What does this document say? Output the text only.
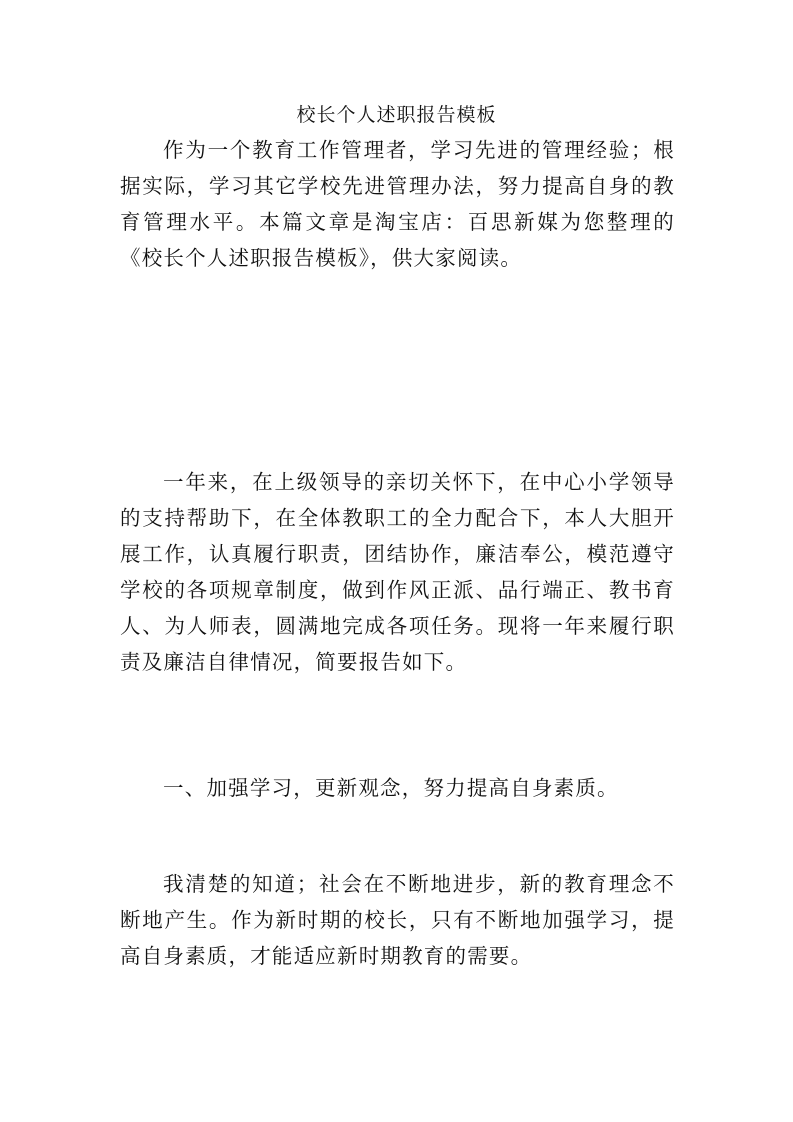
校长个人述职报告模板

作为一个教育工作管理者，学习先进的管理经验；根据实际，学习其它学校先进管理办法，努力提高自身的教育管理水平。本篇文章是淘宝店：百思新媒为您整理的《校长个人述职报告模板》，供大家阅读。

一年来，在上级领导的亲切关怀下，在中心小学领导的支持帮助下，在全体教职工的全力配合下，本人大胆开展工作，认真履行职责，团结协作，廉洁奉公，模范遵守学校的各项规章制度，做到作风正派、品行端正、教书育人、为人师表，圆满地完成各项任务。现将一年来履行职责及廉洁自律情况，简要报告如下。

一、加强学习，更新观念，努力提高自身素质。

我清楚的知道；社会在不断地进步，新的教育理念不断地产生。作为新时期的校长，只有不断地加强学习，提高自身素质，才能适应新时期教育的需要。
